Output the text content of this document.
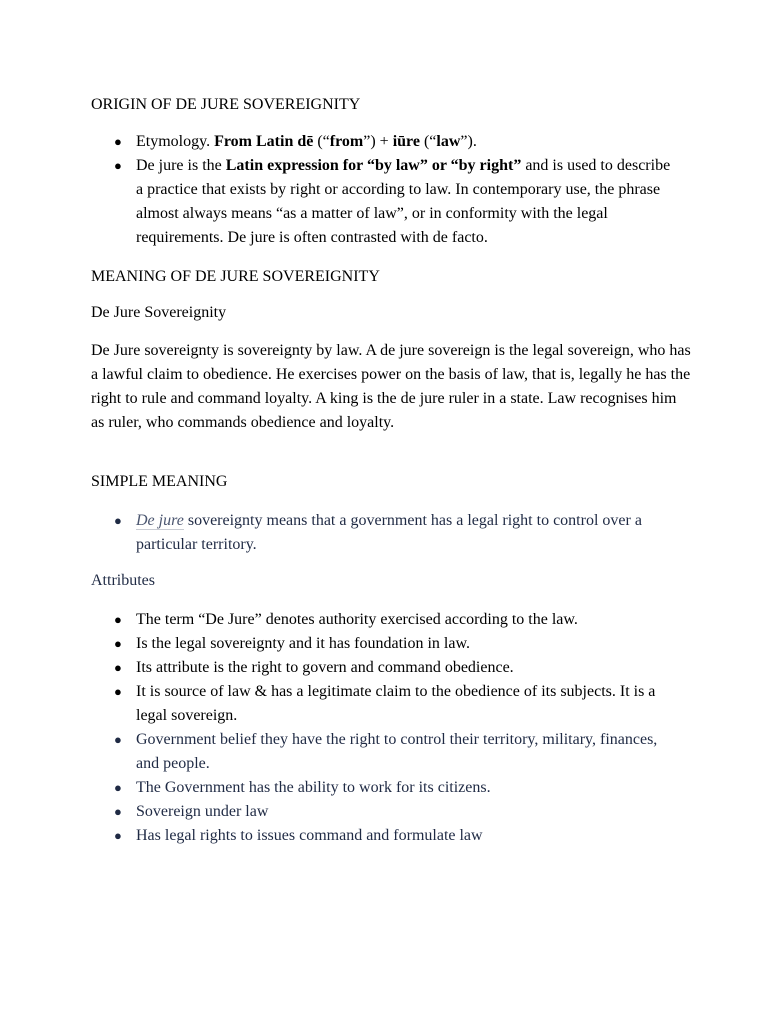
ORIGIN OF DE JURE SOVEREIGNITY
● Etymology. From Latin dē (“from”) + iūre (“law”).
● De jure is the Latin expression for “by law” or “by right” and is used to describe a practice that exists by right or according to law. In contemporary use, the phrase almost always means “as a matter of law”, or in conformity with the legal requirements. De jure is often contrasted with de facto.
MEANING OF DE JURE SOVEREIGNITY

De Jure Sovereignity

De Jure sovereignty is sovereignty by law. A de jure sovereign is the legal sovereign, who has a lawful claim to obedience. He exercises power on the basis of law, that is, legally he has the right to rule and command loyalty. A king is the de jure ruler in a state. Law recognises him as ruler, who commands obedience and loyalty.

SIMPLE MEANING
● De jure sovereignty means that a government has a legal right to control over a particular territory.
Attributes
● The term “De Jure” denotes authority exercised according to the law.
● Is the legal sovereignty and it has foundation in law.
● Its attribute is the right to govern and command obedience.
● It is source of law & has a legitimate claim to the obedience of its subjects. It is a legal sovereign.
● Government belief they have the right to control their territory, military, finances, and people.
● The Government has the ability to work for its citizens.
● Sovereign under law
● Has legal rights to issues command and formulate law
